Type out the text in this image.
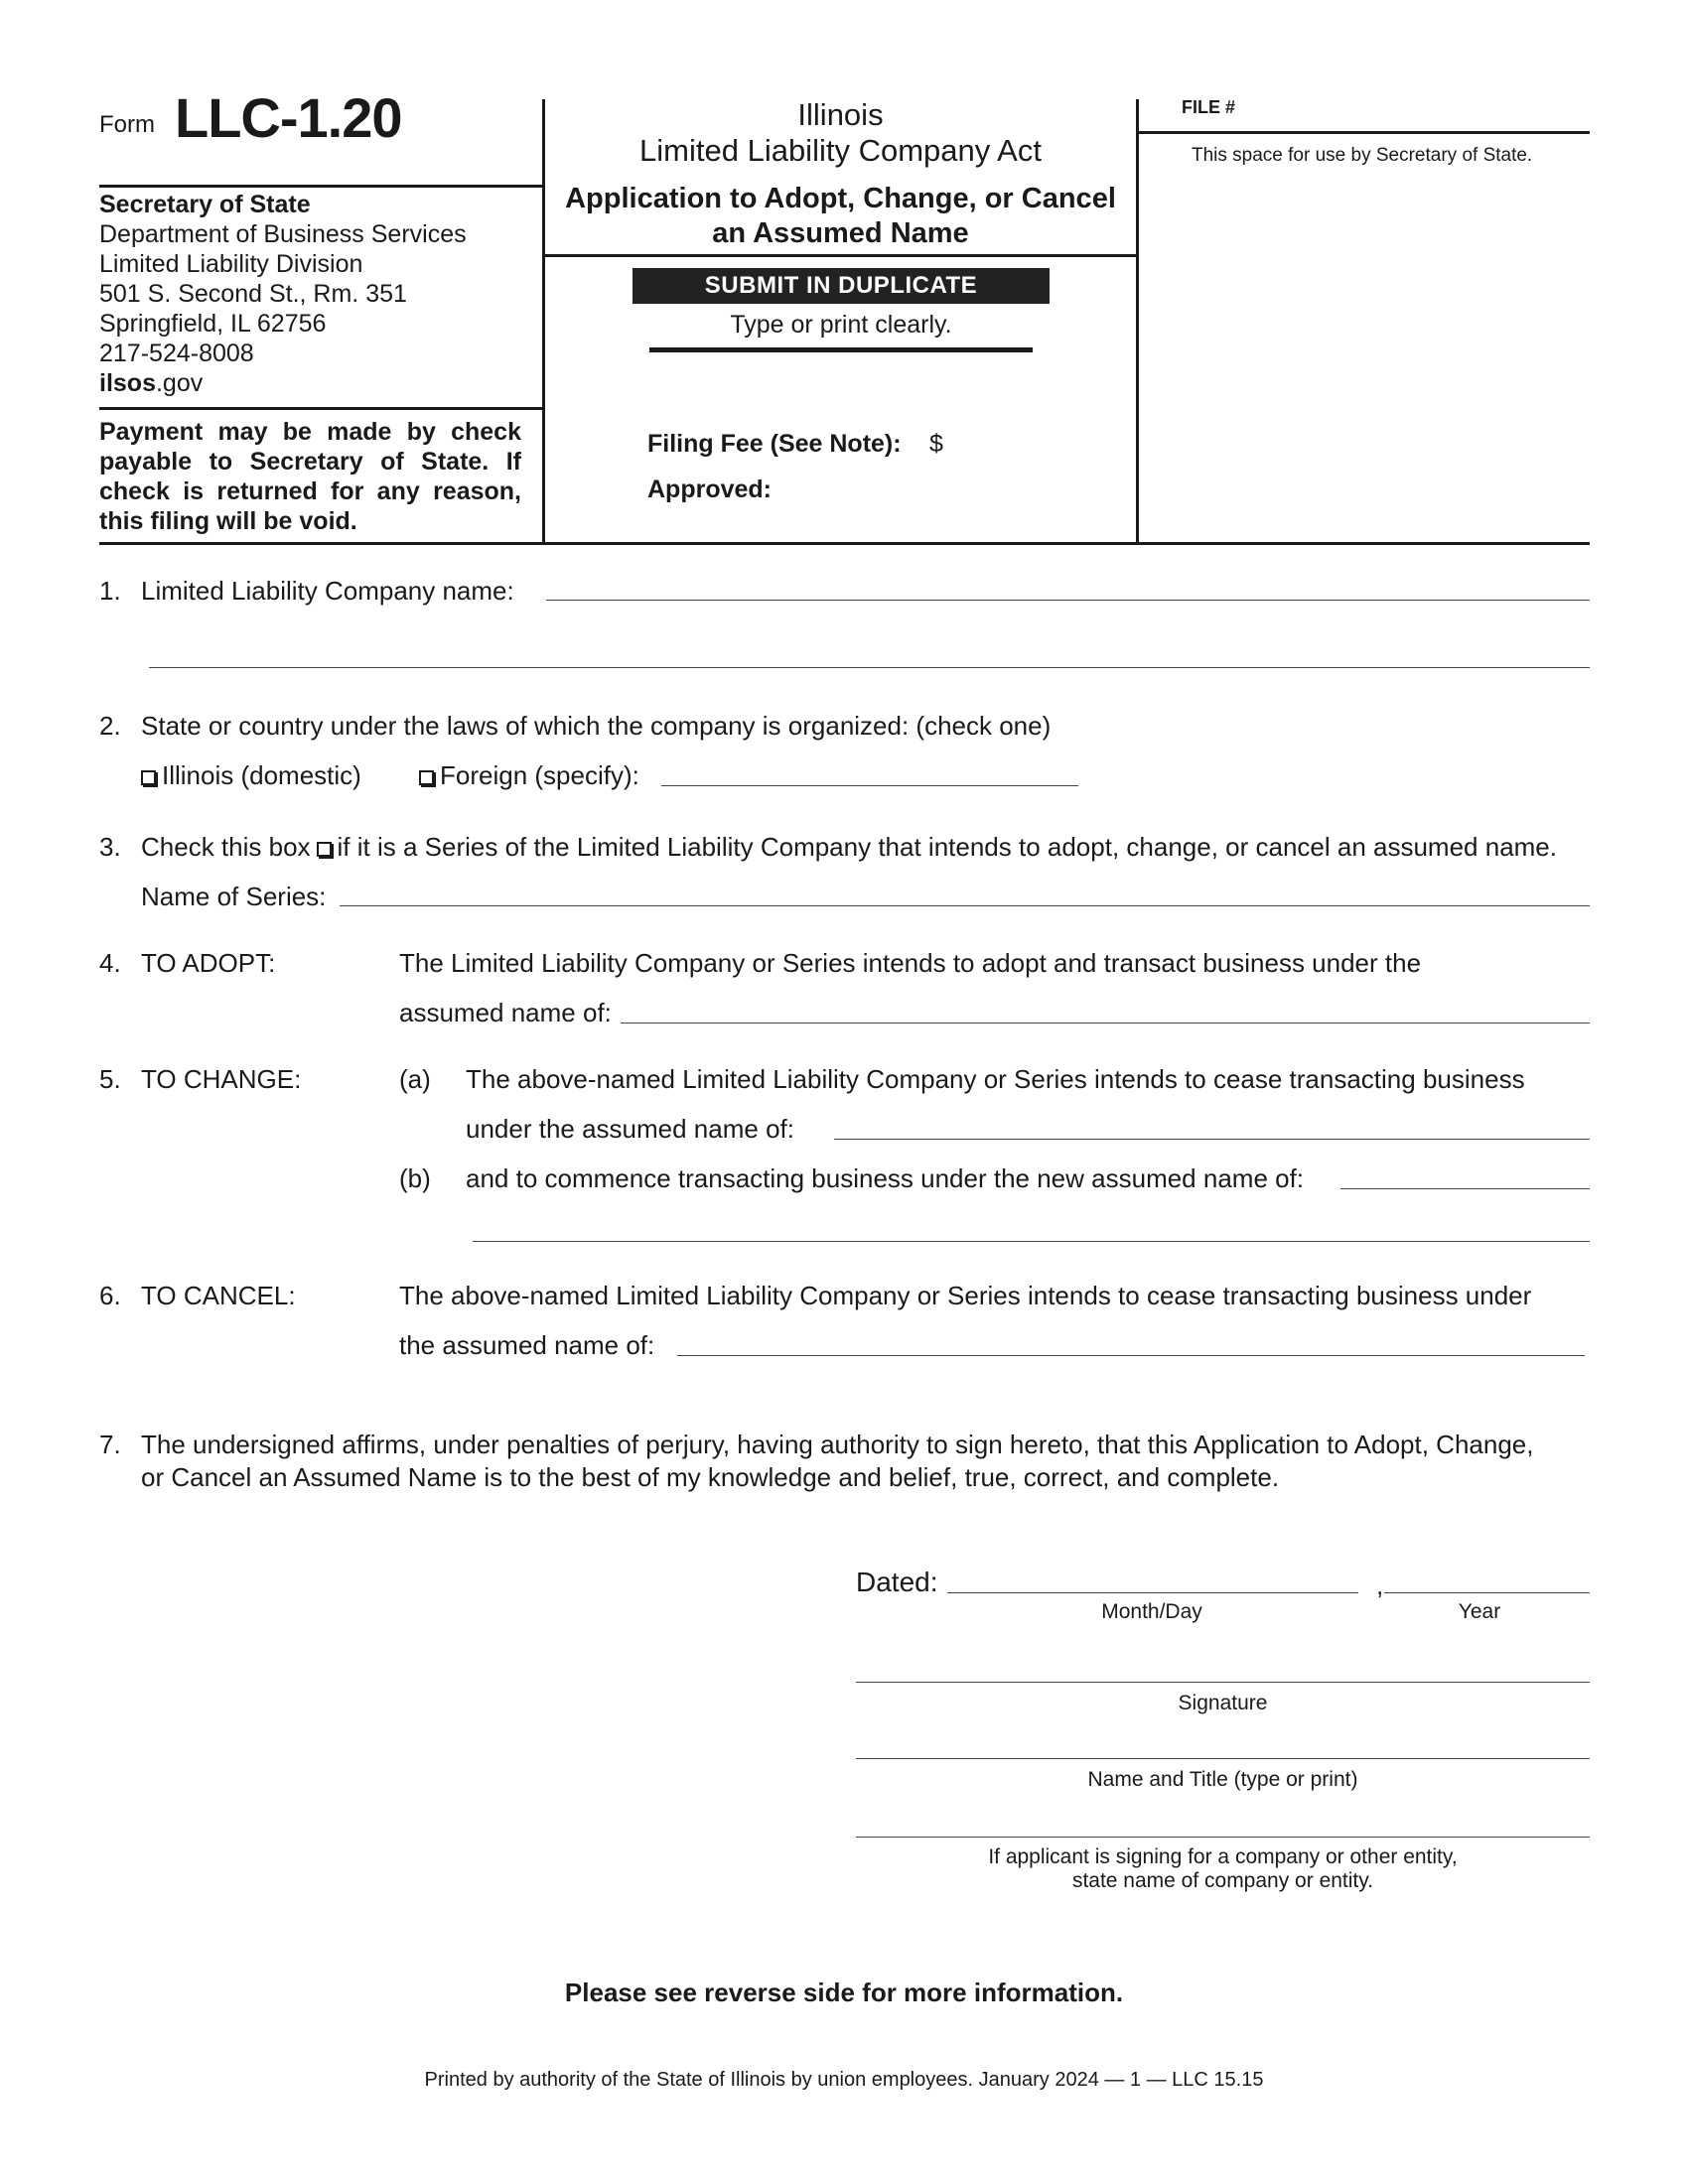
Form LLC-1.20
Secretary of State
Department of Business Services
Limited Liability Division
501 S. Second St., Rm. 351
Springfield, IL 62756
217-524-8008
ilsos.gov
Payment may be made by check payable to Secretary of State. If check is returned for any reason, this filing will be void.
Illinois
Limited Liability Company Act
Application to Adopt, Change, or Cancel
an Assumed Name
SUBMIT IN DUPLICATE
Type or print clearly.
Filing Fee (See Note): $
Approved:
FILE #
This space for use by Secretary of State.
1. Limited Liability Company name:
2. State or country under the laws of which the company is organized: (check one)
Illinois (domestic)	Foreign (specify):
3. Check this box if it is a Series of the Limited Liability Company that intends to adopt, change, or cancel an assumed name.
Name of Series:
4. TO ADOPT:	The Limited Liability Company or Series intends to adopt and transact business under the
assumed name of:
5. TO CHANGE:	(a) The above-named Limited Liability Company or Series intends to cease transacting business
under the assumed name of:
(b) and to commence transacting business under the new assumed name of:
6. TO CANCEL:	The above-named Limited Liability Company or Series intends to cease transacting business under
the assumed name of:
7. The undersigned affirms, under penalties of perjury, having authority to sign hereto, that this Application to Adopt, Change,
or Cancel an Assumed Name is to the best of my knowledge and belief, true, correct, and complete.
Dated:	,
Month/Day	Year
Signature
Name and Title (type or print)
If applicant is signing for a company or other entity,
state name of company or entity.
Please see reverse side for more information.
Printed by authority of the State of Illinois by union employees. January 2024 — 1 — LLC 15.15
